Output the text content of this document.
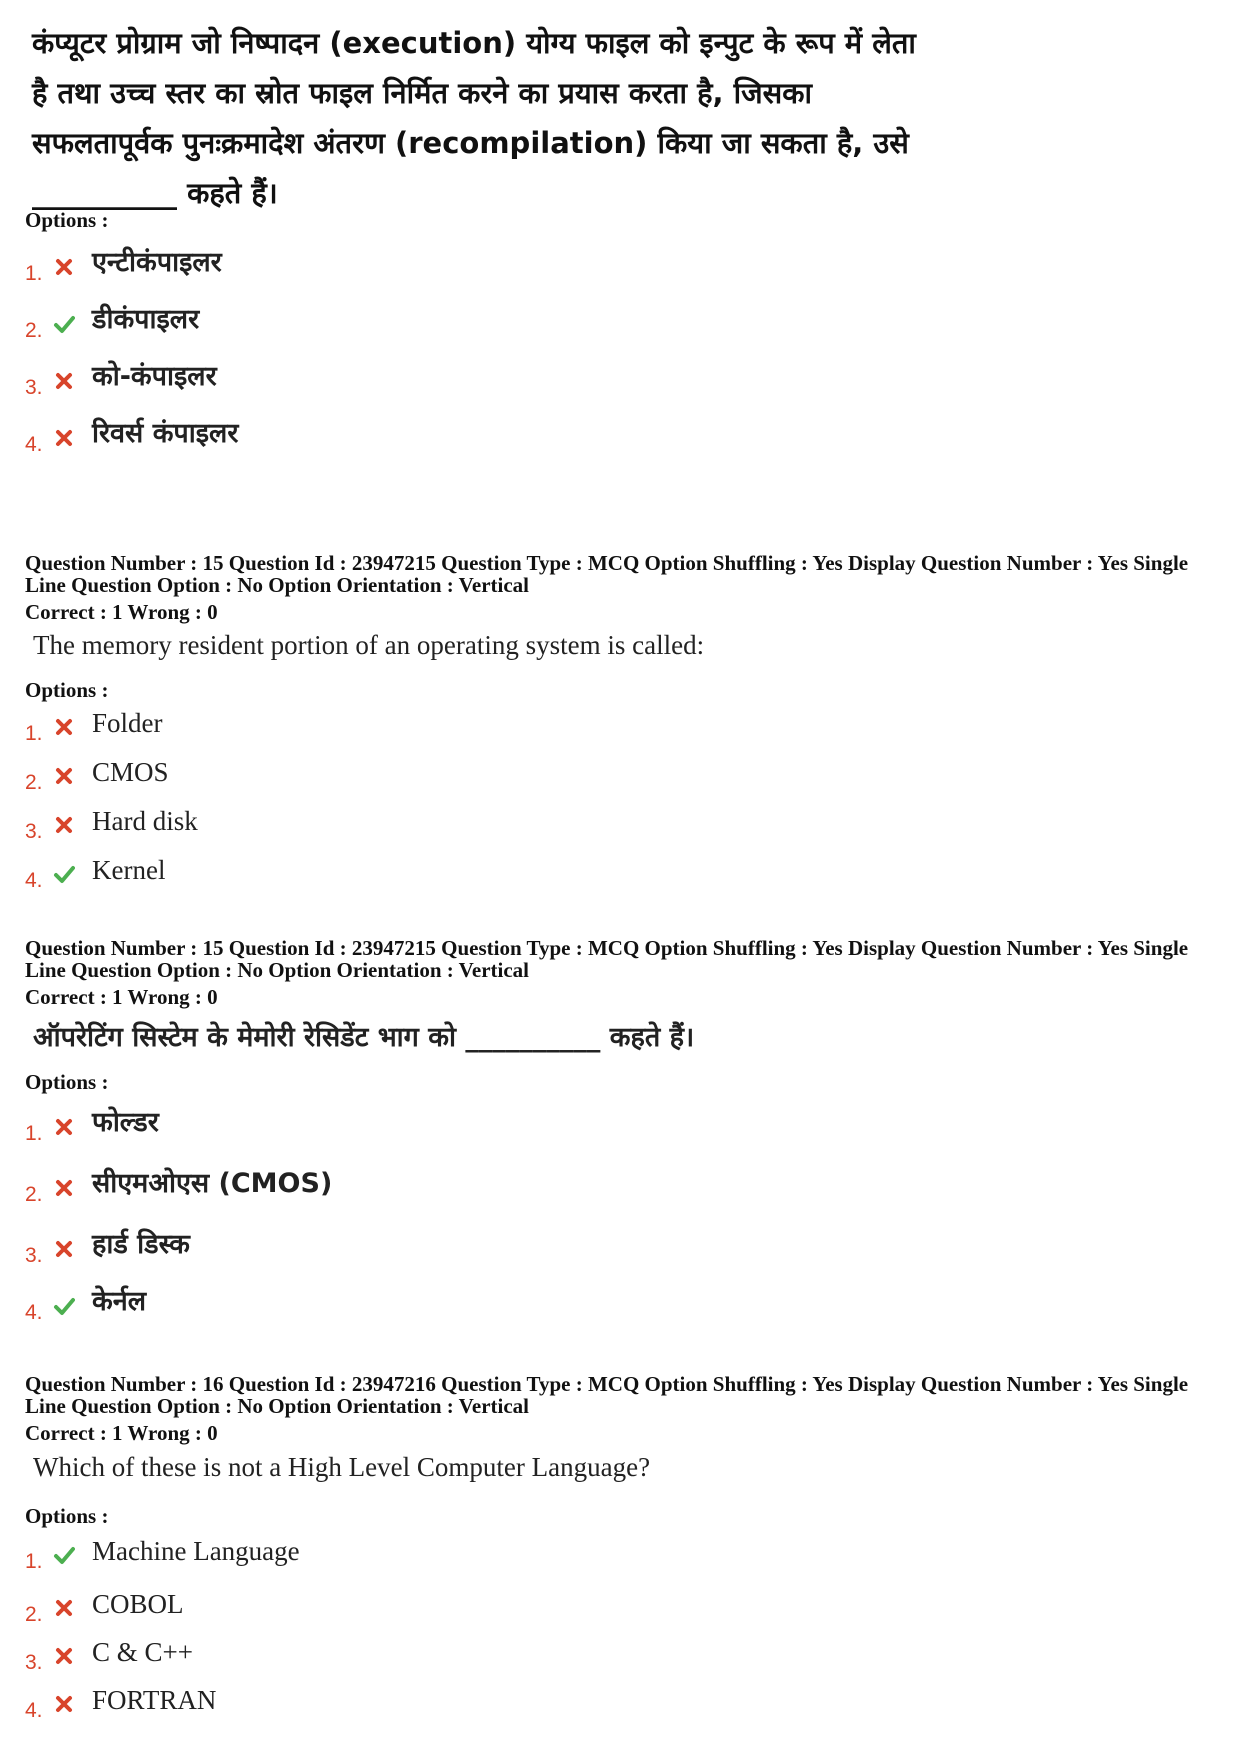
कंप्यूटर प्रोग्राम जो निष्पादन (execution) योग्य फाइल को इन्पुट के रूप में लेता
है तथा उच्च स्तर का स्रोत फाइल निर्मित करने का प्रयास करता है, जिसका
सफलतापूर्वक पुनःक्रमादेश अंतरण (recompilation) किया जा सकता है, उसे
__________ कहते हैं।
Options :
1. एन्टीकंपाइलर
2. डीकंपाइलर
3. को-कंपाइलर
4. रिवर्स कंपाइलर
Question Number : 15 Question Id : 23947215 Question Type : MCQ Option Shuffling : Yes Display Question Number : Yes Single
Line Question Option : No Option Orientation : Vertical
Correct : 1 Wrong : 0
The memory resident portion of an operating system is called:
Options :
1. Folder
2. CMOS
3. Hard disk
4. Kernel
Question Number : 15 Question Id : 23947215 Question Type : MCQ Option Shuffling : Yes Display Question Number : Yes Single
Line Question Option : No Option Orientation : Vertical
Correct : 1 Wrong : 0
ऑपरेटिंग सिस्टेम के मेमोरी रेसिडेंट भाग को __________ कहते हैं।
Options :
1. फोल्डर
2. सीएमओएस (CMOS)
3. हार्ड डिस्क
4. केर्नल
Question Number : 16 Question Id : 23947216 Question Type : MCQ Option Shuffling : Yes Display Question Number : Yes Single
Line Question Option : No Option Orientation : Vertical
Correct : 1 Wrong : 0
Which of these is not a High Level Computer Language?
Options :
1. Machine Language
2. COBOL
3. C & C++
4. FORTRAN
